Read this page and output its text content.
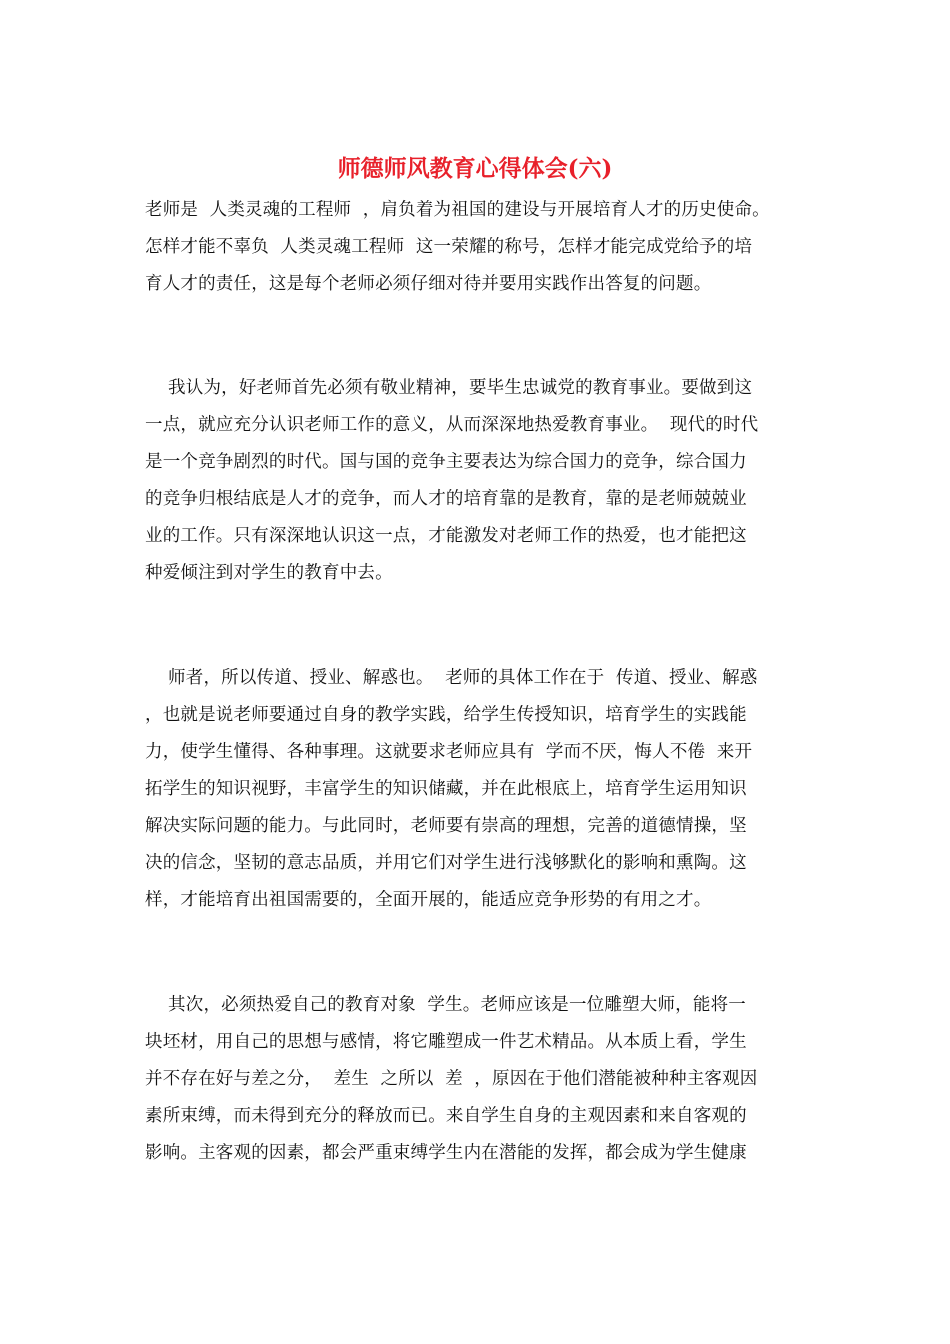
师德师风教育心得体会(六)
老师是  人类灵魂的工程师  ，肩负着为祖国的建设与开展培育人才的历史使命。
怎样才能不辜负  人类灵魂工程师  这一荣耀的称号，怎样才能完成党给予的培
育人才的责任，这是每个老师必须仔细对待并要用实践作出答复的问题。
我认为，好老师首先必须有敬业精神，要毕生忠诚党的教育事业。要做到这
一点，就应充分认识老师工作的意义，从而深深地热爱教育事业。  现代的时代
是一个竞争剧烈的时代。国与国的竞争主要表达为综合国力的竞争，综合国力
的竞争归根结底是人才的竞争，而人才的培育靠的是教育，靠的是老师兢兢业
业的工作。只有深深地认识这一点，才能激发对老师工作的热爱，也才能把这
种爱倾注到对学生的教育中去。
师者，所以传道、授业、解惑也。  老师的具体工作在于  传道、授业、解惑
，也就是说老师要通过自身的教学实践，给学生传授知识，培育学生的实践能
力，使学生懂得、各种事理。这就要求老师应具有  学而不厌，悔人不倦  来开
拓学生的知识视野，丰富学生的知识储藏，并在此根底上，培育学生运用知识
解决实际问题的能力。与此同时，老师要有崇高的理想，完善的道德情操，坚
决的信念，坚韧的意志品质，并用它们对学生进行浅够默化的影响和熏陶。这
样，才能培育出祖国需要的，全面开展的，能适应竞争形势的有用之才。
其次，必须热爱自己的教育对象  学生。老师应该是一位雕塑大师，能将一
块坯材，用自己的思想与感情，将它雕塑成一件艺术精品。从本质上看，学生
并不存在好与差之分，  差生  之所以  差  ，原因在于他们潜能被种种主客观因
素所束缚，而未得到充分的释放而已。来自学生自身的主观因素和来自客观的
影响。主客观的因素，都会严重束缚学生内在潜能的发挥，都会成为学生健康
